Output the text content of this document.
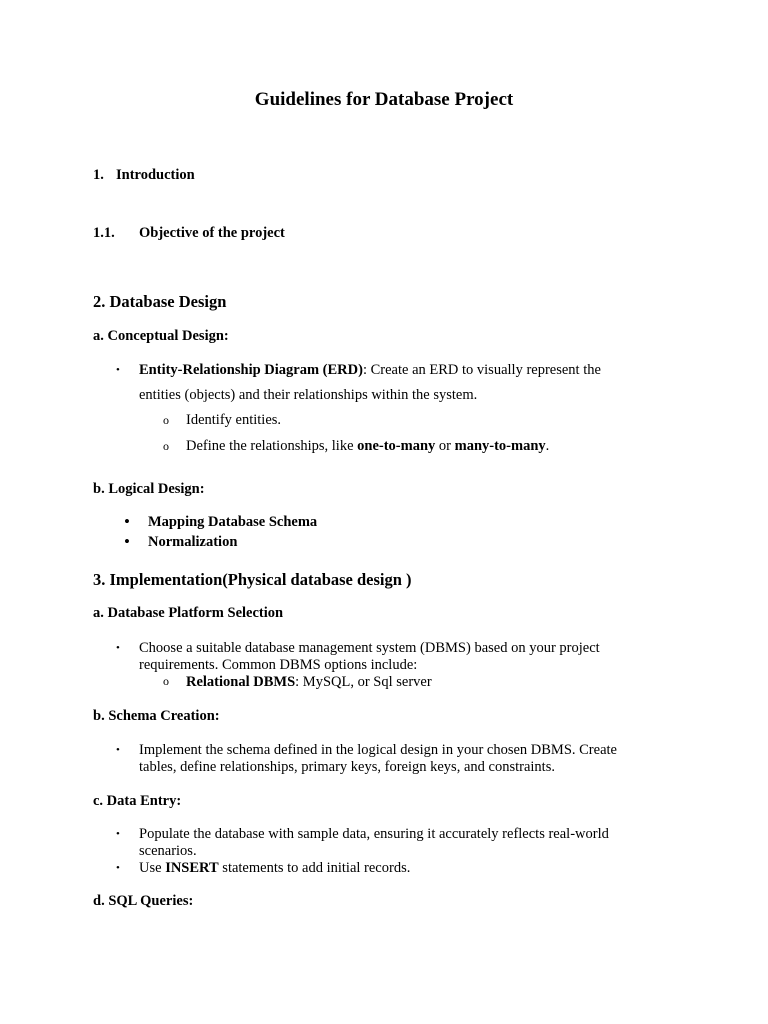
Guidelines for Database Project
1. Introduction
1.1. Objective of the project
2. Database Design
a. Conceptual Design:
• Entity-Relationship Diagram (ERD): Create an ERD to visually represent the
entities (objects) and their relationships within the system.
o Identify entities.
o Define the relationships, like one-to-many or many-to-many.
b. Logical Design:
• Mapping Database Schema
• Normalization
3. Implementation(Physical database design )
a. Database Platform Selection
• Choose a suitable database management system (DBMS) based on your project
requirements. Common DBMS options include:
o Relational DBMS: MySQL, or Sql server
b. Schema Creation:
• Implement the schema defined in the logical design in your chosen DBMS. Create
tables, define relationships, primary keys, foreign keys, and constraints.
c. Data Entry:
• Populate the database with sample data, ensuring it accurately reflects real-world
scenarios.
• Use INSERT statements to add initial records.
d. SQL Queries:
